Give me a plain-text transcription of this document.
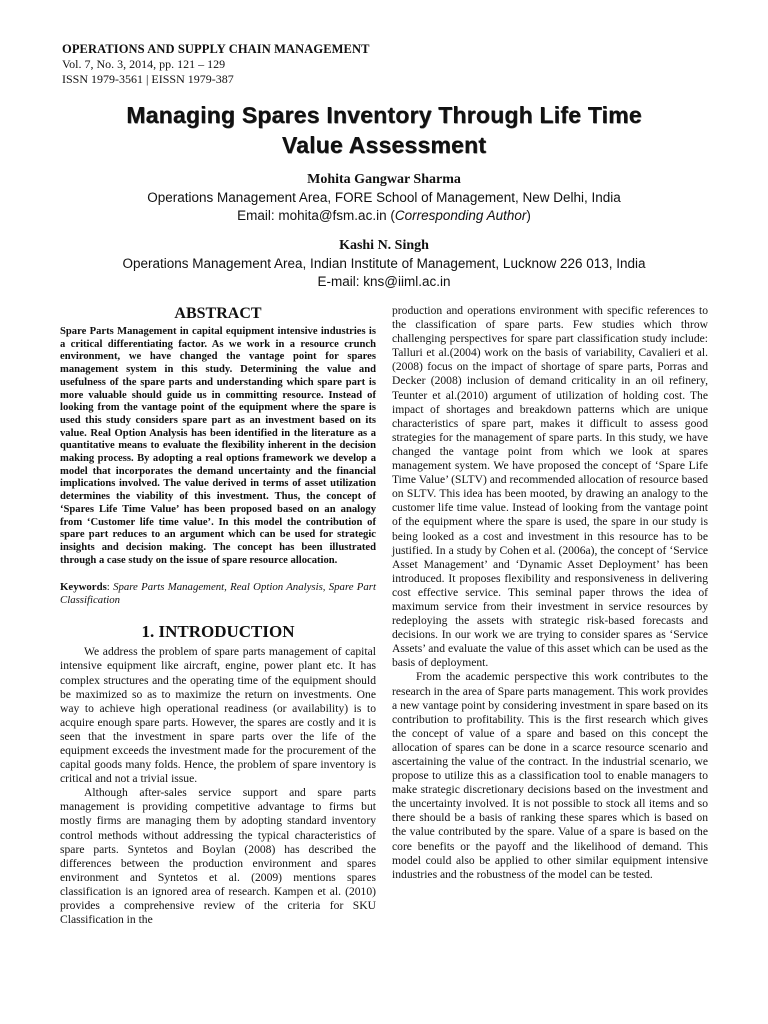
OPERATIONS AND SUPPLY CHAIN MANAGEMENT
Vol. 7, No. 3, 2014, pp. 121 – 129
ISSN 1979-3561 | EISSN 1979-387
Managing Spares Inventory Through Life Time
Value Assessment
Mohita Gangwar Sharma
Operations Management Area, FORE School of Management, New Delhi, India
Email: mohita@fsm.ac.in (Corresponding Author)
Kashi N. Singh
Operations Management Area, Indian Institute of Management, Lucknow 226 013, India
E-mail: kns@iiml.ac.in
ABSTRACT

Spare Parts Management in capital equipment intensive industries is a critical differentiating factor. As we work in a resource crunch environment, we have changed the vantage point for spares management system in this study. Determining the value and usefulness of the spare parts and understanding which spare part is more valuable should guide us in committing resource. Instead of looking from the vantage point of the equipment where the spare is used this study considers spare part as an investment based on its value. Real Option Analysis has been identified in the literature as a quantitative means to evaluate the flexibility inherent in the decision making process. By adopting a real options framework we develop a model that incorporates the demand uncertainty and the financial implications involved. The value derived in terms of asset utilization determines the viability of this investment. Thus, the concept of ‘Spares Life Time Value’ has been proposed based on an analogy from ‘Customer life time value’. In this model the contribution of spare part reduces to an argument which can be used for strategic insights and decision making. The concept has been illustrated through a case study on the issue of spare resource allocation.

Keywords: Spare Parts Management, Real Option Analysis, Spare Part Classification

1. INTRODUCTION

We address the problem of spare parts management of capital intensive equipment like aircraft, engine, power plant etc. It has complex structures and the operating time of the equipment should be maximized so as to maximize the return on investments. One way to achieve high operational readiness (or availability) is to acquire enough spare parts. However, the spares are costly and it is seen that the investment in spare parts over the life of the equipment exceeds the investment made for the procurement of the capital goods many folds. Hence, the problem of spare inventory is critical and not a trivial issue.

Although after-sales service support and spare parts management is providing competitive advantage to firms but mostly firms are managing them by adopting standard inventory control methods without addressing the typical characteristics of spare parts. Syntetos and Boylan (2008) has described the differences between the production environment and spares environment and Syntetos et al. (2009) mentions spares classification is an ignored area of research. Kampen et al. (2010) provides a comprehensive review of the criteria for SKU Classification in the

production and operations environment with specific references to the classification of spare parts. Few studies which throw challenging perspectives for spare part classification study include: Talluri et al.(2004) work on the basis of variability, Cavalieri et al.(2008) focus on the impact of shortage of spare parts, Porras and Decker (2008) inclusion of demand criticality in an oil refinery, Teunter et al.(2010) argument of utilization of holding cost. The impact of shortages and breakdown patterns which are unique characteristics of spare part, makes it difficult to assess good strategies for the management of spare parts. In this study, we have changed the vantage point from which we look at spares management system. We have proposed the concept of ‘Spare Life Time Value’ (SLTV) and recommended allocation of resource based on SLTV. This idea has been mooted, by drawing an analogy to the customer life time value. Instead of looking from the vantage point of the equipment where the spare is used, the spare in our study is being looked as a cost and investment in this resource has to be justified. In a study by Cohen et al. (2006a), the concept of ‘Service Asset Management’ and ‘Dynamic Asset Deployment’ has been introduced. It proposes flexibility and responsiveness in delivering cost effective service. This seminal paper throws the idea of maximum service from their investment in service resources by redeploying the assets with strategic risk-based forecasts and decisions. In our work we are trying to consider spares as ‘Service Assets’ and evaluate the value of this asset which can be used as the basis of deployment.

From the academic perspective this work contributes to the research in the area of Spare parts management. This work provides a new vantage point by considering investment in spare based on its contribution to profitability. This is the first research which gives the concept of value of a spare and based on this concept the allocation of spares can be done in a scarce resource scenario and ascertaining the value of the contract. In the industrial scenario, we propose to utilize this as a classification tool to enable managers to make strategic discretionary decisions based on the investment and the uncertainty involved. It is not possible to stock all items and so there should be a basis of ranking these spares which is based on the value contributed by the spare. Value of a spare is based on the core benefits or the payoff and the likelihood of demand. This model could also be applied to other similar equipment intensive industries and the robustness of the model can be tested.
